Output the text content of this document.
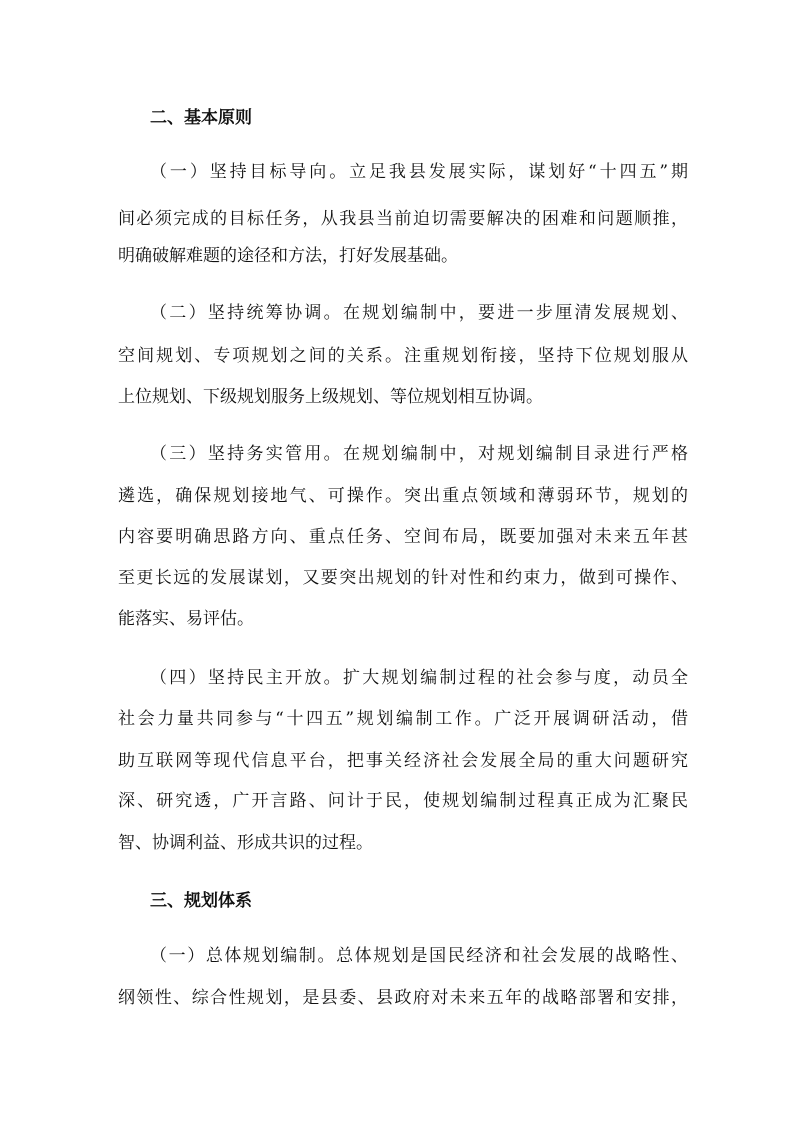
二、基本原则
（一）坚持目标导向。立足我县发展实际，谋划好“十四五”期
间必须完成的目标任务，从我县当前迫切需要解决的困难和问题顺推，
明确破解难题的途径和方法，打好发展基础。
（二）坚持统筹协调。在规划编制中，要进一步厘清发展规划、
空间规划、专项规划之间的关系。注重规划衔接，坚持下位规划服从
上位规划、下级规划服务上级规划、等位规划相互协调。
（三）坚持务实管用。在规划编制中，对规划编制目录进行严格
遴选，确保规划接地气、可操作。突出重点领域和薄弱环节，规划的
内容要明确思路方向、重点任务、空间布局，既要加强对未来五年甚
至更长远的发展谋划，又要突出规划的针对性和约束力，做到可操作、
能落实、易评估。
（四）坚持民主开放。扩大规划编制过程的社会参与度，动员全
社会力量共同参与“十四五”规划编制工作。广泛开展调研活动，借
助互联网等现代信息平台，把事关经济社会发展全局的重大问题研究
深、研究透，广开言路、问计于民，使规划编制过程真正成为汇聚民
智、协调利益、形成共识的过程。
三、规划体系
（一）总体规划编制。总体规划是国民经济和社会发展的战略性、
纲领性、综合性规划，是县委、县政府对未来五年的战略部署和安排，
